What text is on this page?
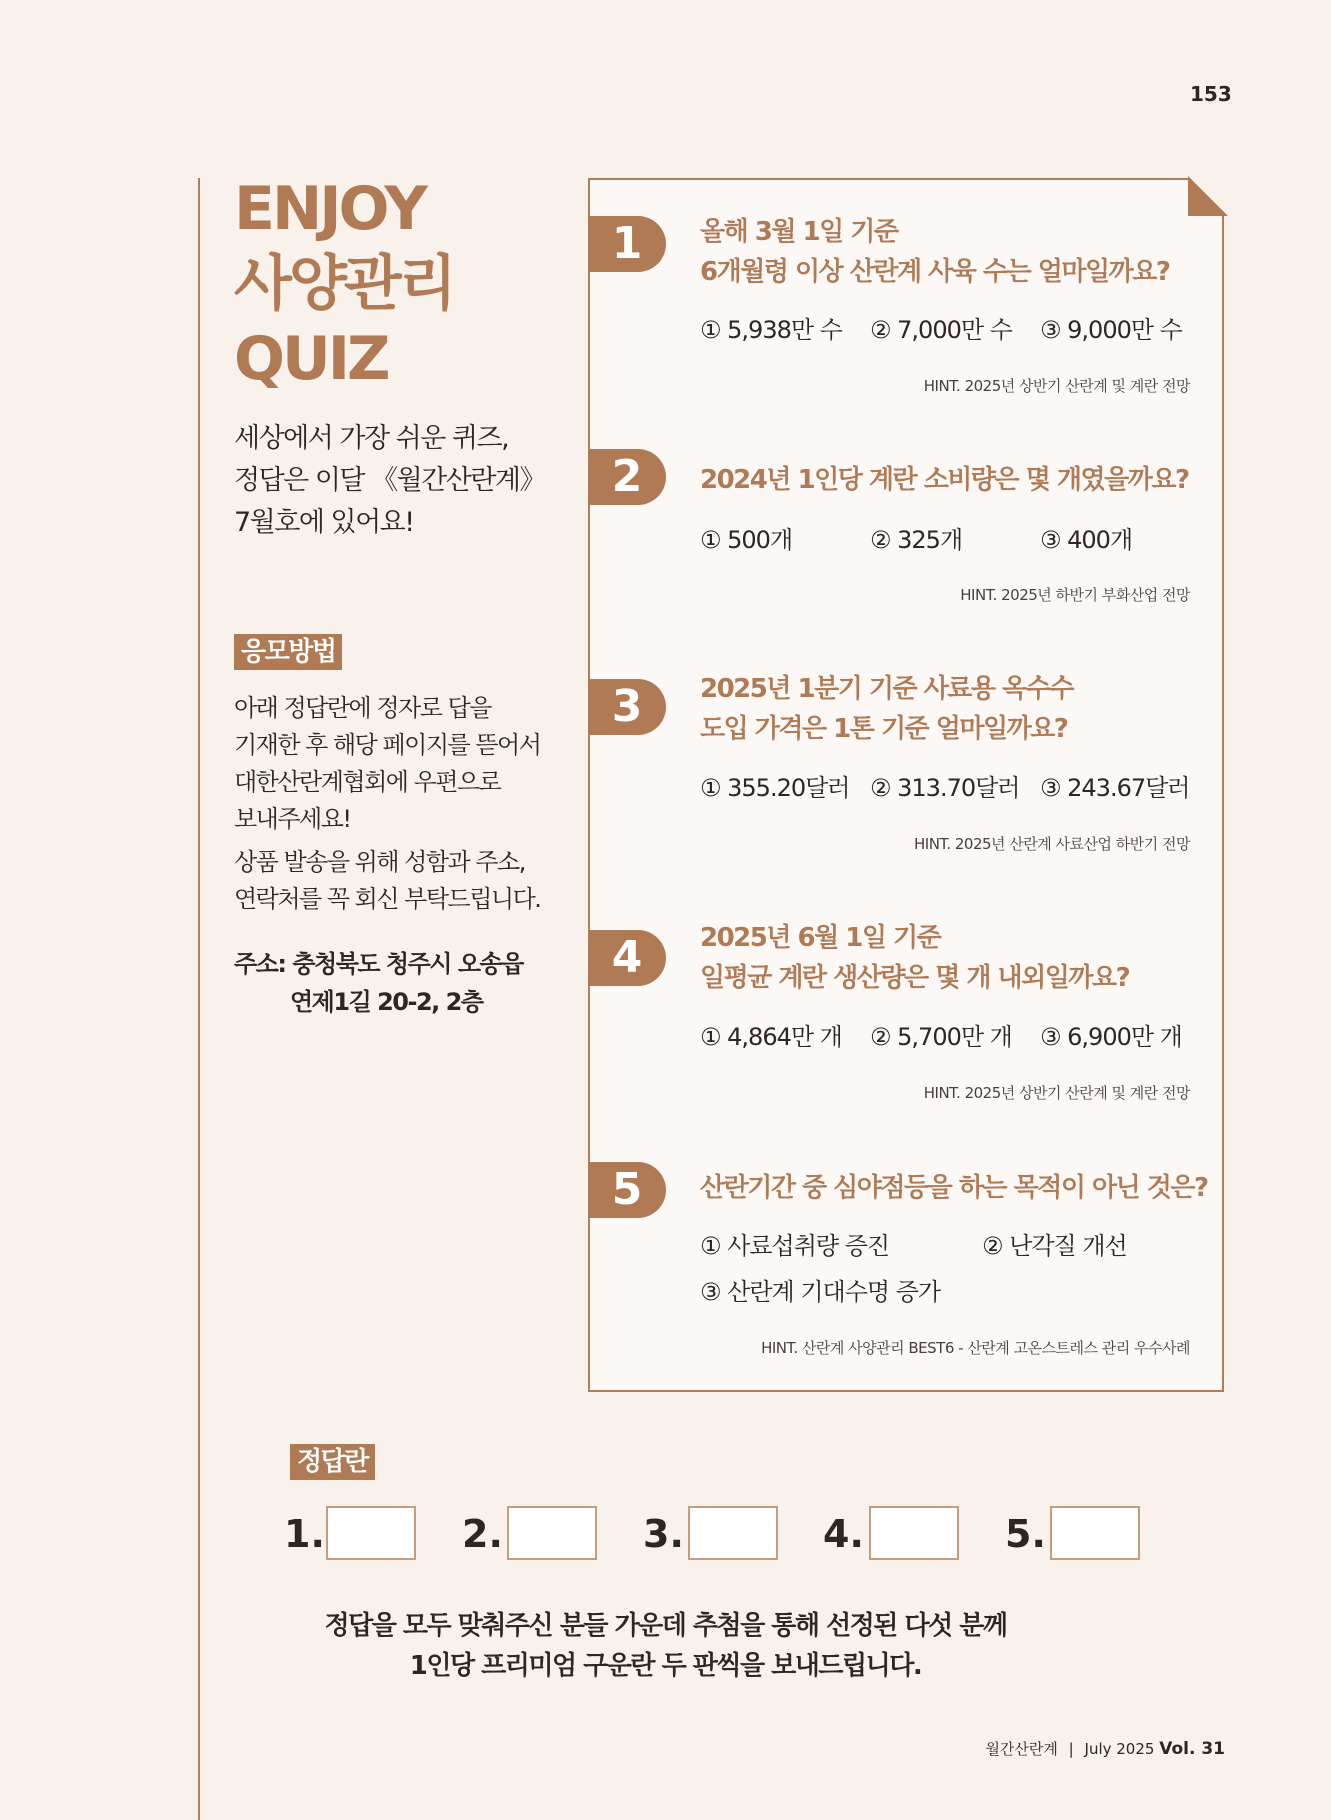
153
ENJOY
사양관리
QUIZ
세상에서 가장 쉬운 퀴즈,
정답은 이달 《월간산란계》
7월호에 있어요!
응모방법

아래 정답란에 정자로 답을
기재한 후 해당 페이지를 뜯어서
대한산란계협회에 우편으로
보내주세요!

상품 발송을 위해 성함과 주소,
연락처를 꼭 회신 부탁드립니다.

주소: 충청북도 청주시 오송읍
연제1길 20-2, 2층
1	올해 3월 1일 기준
6개월령 이상 산란계 사육 수는 얼마일까요?
① 5,938만 수 ② 7,000만 수 ③ 9,000만 수
HINT. 2025년 상반기 산란계 및 계란 전망
2	2024년 1인당 계란 소비량은 몇 개였을까요?
① 500개	② 325개	③ 400개
HINT. 2025년 하반기 부화산업 전망
3	2025년 1분기 기준 사료용 옥수수
도입 가격은 1톤 기준 얼마일까요?
① 355.20달러 ② 313.70달러 ③ 243.67달러
HINT. 2025년 산란계 사료산업 하반기 전망
4	2025년 6월 1일 기준
일평균 계란 생산량은 몇 개 내외일까요?
① 4,864만 개 ② 5,700만 개 ③ 6,900만 개
HINT. 2025년 상반기 산란계 및 계란 전망
5	산란기간 중 심야점등을 하는 목적이 아닌 것은?
① 사료섭취량 증진	② 난각질 개선
③ 산란계 기대수명 증가
HINT. 산란계 사양관리 BEST6 - 산란계 고온스트레스 관리 우수사례
정답란
1.	2.	3.	4.	5.
정답을 모두 맞춰주신 분들 가운데 추첨을 통해 선정된 다섯 분께
1인당 프리미엄 구운란 두 판씩을 보내드립니다.
월간산란계 | July 2025 Vol. 31
